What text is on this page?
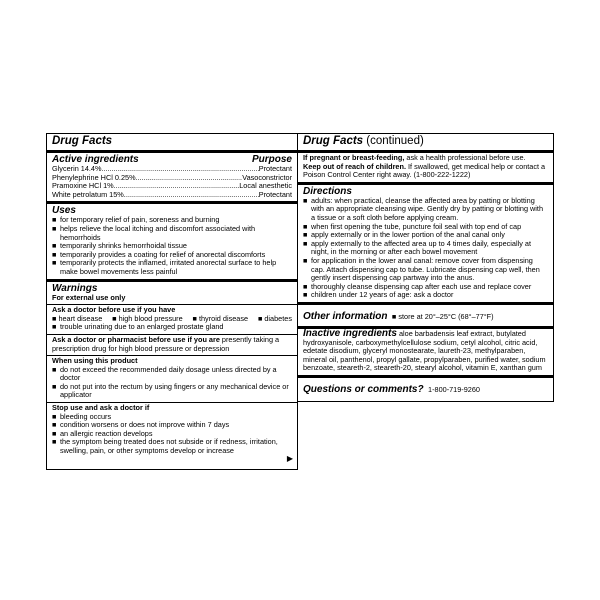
Drug Facts
Active ingredients	Purpose
Glycerin 14.4% .....	Protectant
Phenylephrine HCl 0.25% .....	Vasoconstrictor
Pramoxine HCl 1% .....	Local anesthetic
White petrolatum 15% .....	Protectant
Uses
■ for temporary relief of pain, soreness and burning
■ helps relieve the local itching and discomfort associated with hemorrhoids
■ temporarily shrinks hemorrhoidal tissue
■ temporarily provides a coating for relief of anorectal discomforts
■ temporarily protects the inflamed, irritated anorectal surface to help make bowel movements less painful
Warnings
For external use only
Ask a doctor before use if you have
■ heart disease ■ high blood pressure ■ thyroid disease ■ diabetes
■ trouble urinating due to an enlarged prostate gland
Ask a doctor or pharmacist before use if you are presently taking a prescription drug for high blood pressure or depression
When using this product
■ do not exceed the recommended daily dosage unless directed by a doctor
■ do not put into the rectum by using fingers or any mechanical device or applicator
Stop use and ask a doctor if
■ bleeding occurs
■ condition worsens or does not improve within 7 days
■ an allergic reaction develops
■ the symptom being treated does not subside or if redness, irritation, swelling, pain, or other symptoms develop or increase
▶
Drug Facts (continued)
If pregnant or breast-feeding, ask a health professional before use.
Keep out of reach of children. If swallowed, get medical help or contact a Poison Control Center right away. (1-800-222-1222)
Directions
■ adults: when practical, cleanse the affected area by patting or blotting with an appropriate cleansing wipe. Gently dry by patting or blotting with a tissue or a soft cloth before applying cream.
■ when first opening the tube, puncture foil seal with top end of cap
■ apply externally or in the lower portion of the anal canal only
■ apply externally to the affected area up to 4 times daily, especially at night, in the morning or after each bowel movement
■ for application in the lower anal canal: remove cover from dispensing cap. Attach dispensing cap to tube. Lubricate dispensing cap well, then gently insert dispensing cap partway into the anus.
■ thoroughly cleanse dispensing cap after each use and replace cover
■ children under 12 years of age: ask a doctor
Other information ■ store at 20°–25°C (68°–77°F)
Inactive ingredients aloe barbadensis leaf extract, butylated hydroxyanisole, carboxymethylcellulose sodium, cetyl alcohol, citric acid, edetate disodium, glyceryl monostearate, laureth-23, methylparaben, mineral oil, panthenol, propyl gallate, propylparaben, purified water, sodium benzoate, steareth-2, steareth-20, stearyl alcohol, vitamin E, xanthan gum
Questions or comments? 1-800-719-9260
